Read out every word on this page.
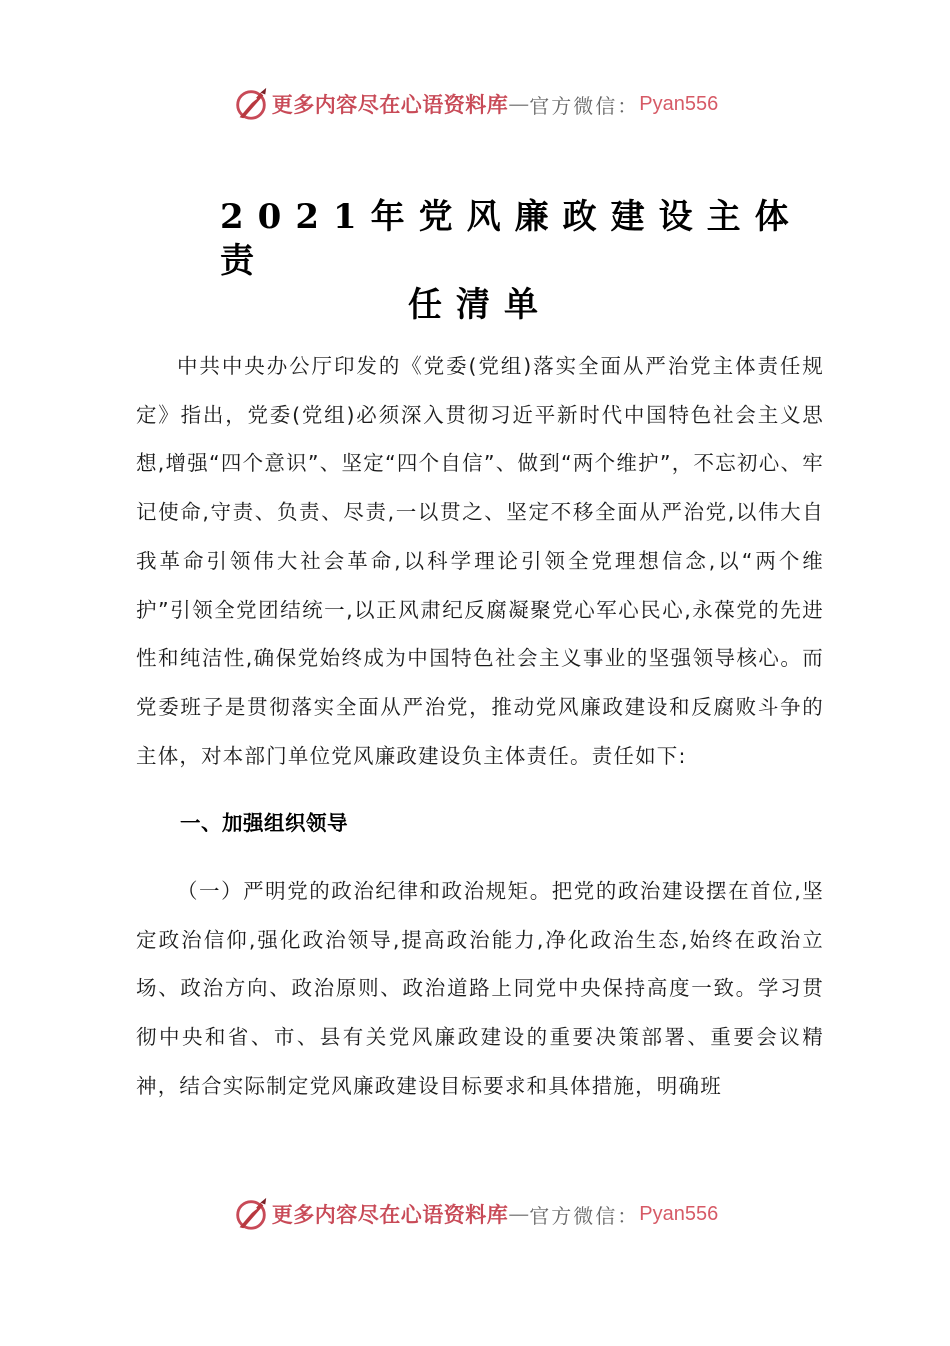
更多内容尽在心语资料库 — 官方微信： Pyan556
2021年党风廉政建设主体责
任清单

中共中央办公厅印发的《党委(党组)落实全面从严治党主体责任规定》指出，党委(党组)必须深入贯彻习近平新时代中国特色社会主义思想,增强“四个意识”、坚定“四个自信”、做到“两个维护”，不忘初心、牢记使命,守责、负责、尽责,一以贯之、坚定不移全面从严治党,以伟大自我革命引领伟大社会革命,以科学理论引领全党理想信念,以“两个维护”引领全党团结统一,以正风肃纪反腐凝聚党心军心民心,永葆党的先进性和纯洁性,确保党始终成为中国特色社会主义事业的坚强领导核心。而党委班子是贯彻落实全面从严治党，推动党风廉政建设和反腐败斗争的主体，对本部门单位党风廉政建设负主体责任。责任如下:

一、加强组织领导

（一）严明党的政治纪律和政治规矩。把党的政治建设摆在首位,坚定政治信仰,强化政治领导,提高政治能力,净化政治生态,始终在政治立场、政治方向、政治原则、政治道路上同党中央保持高度一致。学习贯彻中央和省、市、县有关党风廉政建设的重要决策部署、重要会议精神，结合实际制定党风廉政建设目标要求和具体措施，明确班

更多内容尽在心语资料库 — 官方微信： Pyan556
